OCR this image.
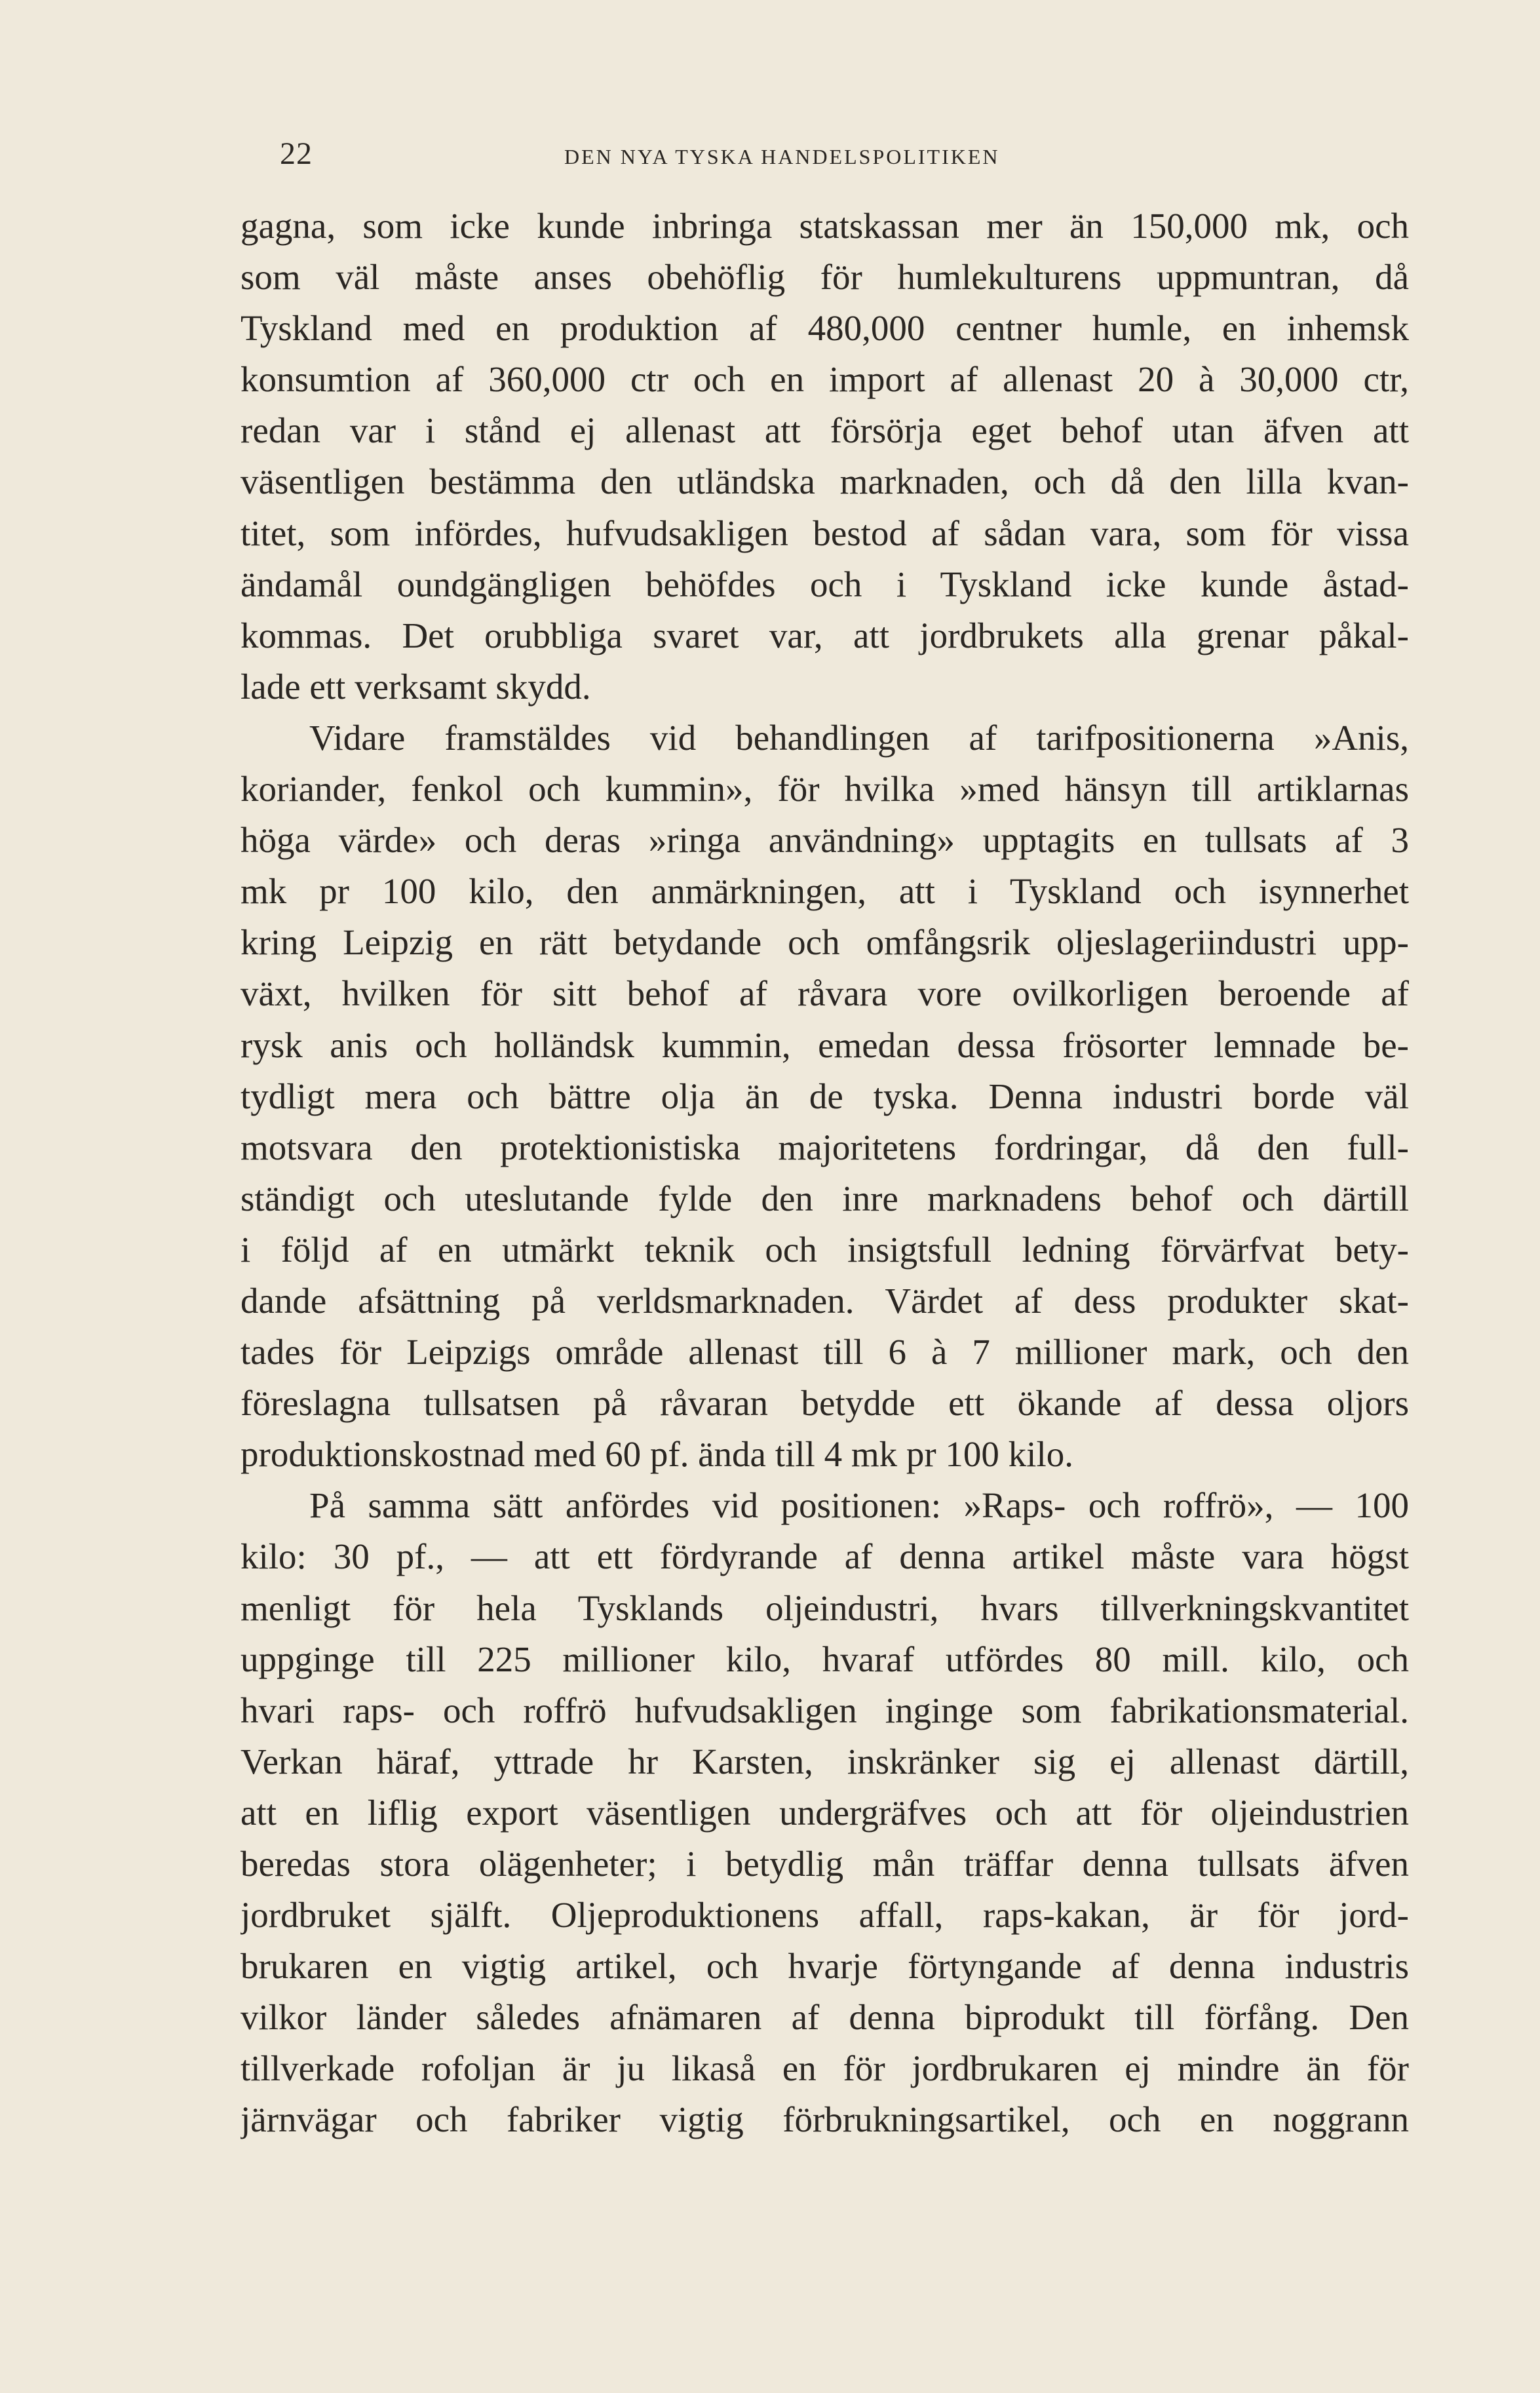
22	DEN NYA TYSKA HANDELSPOLITIKEN
gagna, som icke kunde inbringa statskassan mer än 150,000 mk, och
som väl måste anses obehöflig för humlekulturens uppmuntran, då
Tyskland med en produktion af 480,000 centner humle, en inhemsk
konsumtion af 360,000 ctr och en import af allenast 20 à 30,000 ctr,
redan var i stånd ej allenast att försörja eget behof utan äfven att
väsentligen bestämma den utländska marknaden, och då den lilla kvan-
titet, som infördes, hufvudsakligen bestod af sådan vara, som för vissa
ändamål oundgängligen behöfdes och i Tyskland icke kunde åstad-
kommas. Det orubbliga svaret var, att jordbrukets alla grenar påkal-
lade ett verksamt skydd.
Vidare framstäldes vid behandlingen af tarifpositionerna »Anis,
koriander, fenkol och kummin», för hvilka »med hänsyn till artiklarnas
höga värde» och deras »ringa användning» upptagits en tullsats af 3
mk pr 100 kilo, den anmärkningen, att i Tyskland och isynnerhet
kring Leipzig en rätt betydande och omfångsrik oljeslageriindustri upp-
växt, hvilken för sitt behof af råvara vore ovilkorligen beroende af
rysk anis och holländsk kummin, emedan dessa frösorter lemnade be-
tydligt mera och bättre olja än de tyska. Denna industri borde väl
motsvara den protektionistiska majoritetens fordringar, då den full-
ständigt och uteslutande fylde den inre marknadens behof och därtill
i följd af en utmärkt teknik och insigtsfull ledning förvärfvat bety-
dande afsättning på verldsmarknaden. Värdet af dess produkter skat-
tades för Leipzigs område allenast till 6 à 7 millioner mark, och den
föreslagna tullsatsen på råvaran betydde ett ökande af dessa oljors
produktionskostnad med 60 pf. ända till 4 mk pr 100 kilo.
På samma sätt anfördes vid positionen: »Raps- och roffrö», — 100
kilo: 30 pf., — att ett fördyrande af denna artikel måste vara högst
menligt för hela Tysklands oljeindustri, hvars tillverkningskvantitet
uppginge till 225 millioner kilo, hvaraf utfördes 80 mill. kilo, och
hvari raps- och roffrö hufvudsakligen inginge som fabrikationsmaterial.
Verkan häraf, yttrade hr Karsten, inskränker sig ej allenast därtill,
att en liflig export väsentligen undergräfves och att för oljeindustrien
beredas stora olägenheter; i betydlig mån träffar denna tullsats äfven
jordbruket själft. Oljeproduktionens affall, raps-kakan, är för jord-
brukaren en vigtig artikel, och hvarje förtyngande af denna industris
vilkor länder således afnämaren af denna biprodukt till förfång. Den
tillverkade rofoljan är ju likaså en för jordbrukaren ej mindre än för
järnvägar och fabriker vigtig förbrukningsartikel, och en noggrann
